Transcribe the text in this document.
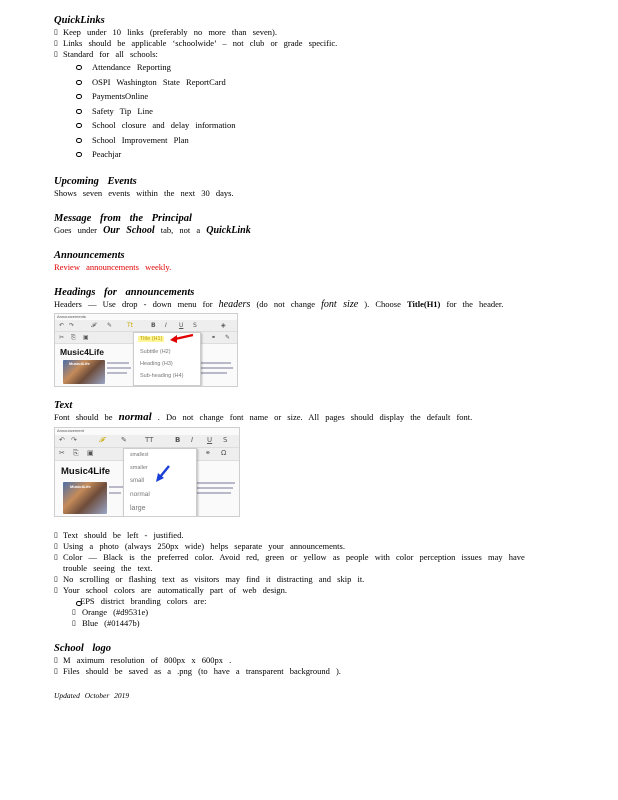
QuickLinks

▯ Keep under 10 links (preferably no more than seven).
▯ Links should be applicable ‘schoolwide’ – not club or grade specific.
▯ Standard for all schools:
Attendance Reporting
OSPI Washington State ReportCard
PaymentsOnline
Safety Tip Line
School closure and delay information
School Improvement Plan
Peachjar

Upcoming Events

Shows seven events within the next 30 days.

Message from the Principal

Goes under Our School tab, not a QuickLink

Announcements

Review announcements weekly.

Headings for announcements

Headers — Use drop - down menu for headers (do not change font size ). Choose Title(H1) for the header.

Announcements
↶ ↷	𝓕 ✎ Tt	B I U S	◈
✂ ⎘ ▣	⚭ ✎
Music4Life
Music4Life
Title (H1)
Subtitle (H2)
Heading (H3)
Sub-heading (H4)

Text

Font should be normal . Do not change font name or size. All pages should display the default font.

Announcement
↶ ↷	𝓕 ✎	TT	B I U S
✂ ⎘ ▣	⚭ Ω
Music4Life
Music4Life
smallest
smaller
small
normal
large
▯ Text should be left - justified.
▯ Using a photo (always 250px wide) helps separate your announcements.
▯ Color — Black is the preferred color. Avoid red, green or yellow as people with color perception issues may have trouble seeing the text.
▯ No scrolling or flashing text as visitors may find it distracting and skip it.
▯ Your school colors are automatically part of web design.
EPS district branding colors are:
▯ Orange (#d9531e)
▯ Blue (#01447b)

School logo

▯ M aximum resolution of 800px x 600px .
▯ Files should be saved as a .png (to have a transparent background ).

Updated October 2019
